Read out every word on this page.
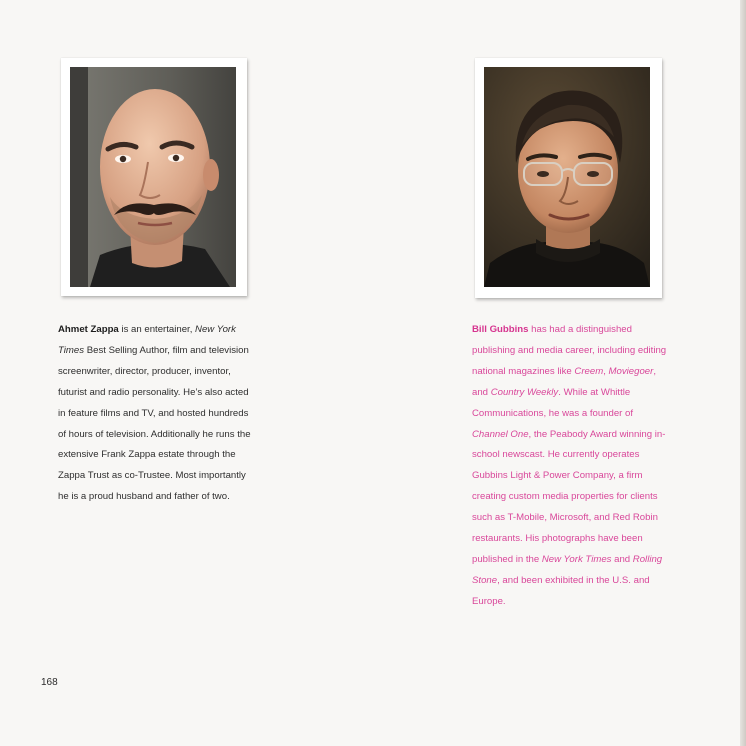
Ahmet Zappa is an entertainer, New York Times Best Selling Author, film and television screenwriter, director, producer, inventor, futurist and radio personality. He’s also acted in feature films and TV, and hosted hundreds of hours of television. Additionally he runs the extensive Frank Zappa estate through the Zappa Trust as co-Trustee. Most importantly he is a proud husband and father of two.

Bill Gubbins has had a distinguished publishing and media career, including editing national magazines like Creem, Moviegoer, and Country Weekly. While at Whittle Communications, he was a founder of Channel One, the Peabody Award winning in-school newscast. He currently operates Gubbins Light & Power Company, a firm creating custom media properties for clients such as T-Mobile, Microsoft, and Red Robin restaurants. His photographs have been published in the New York Times and Rolling Stone, and been exhibited in the U.S. and Europe.

168
